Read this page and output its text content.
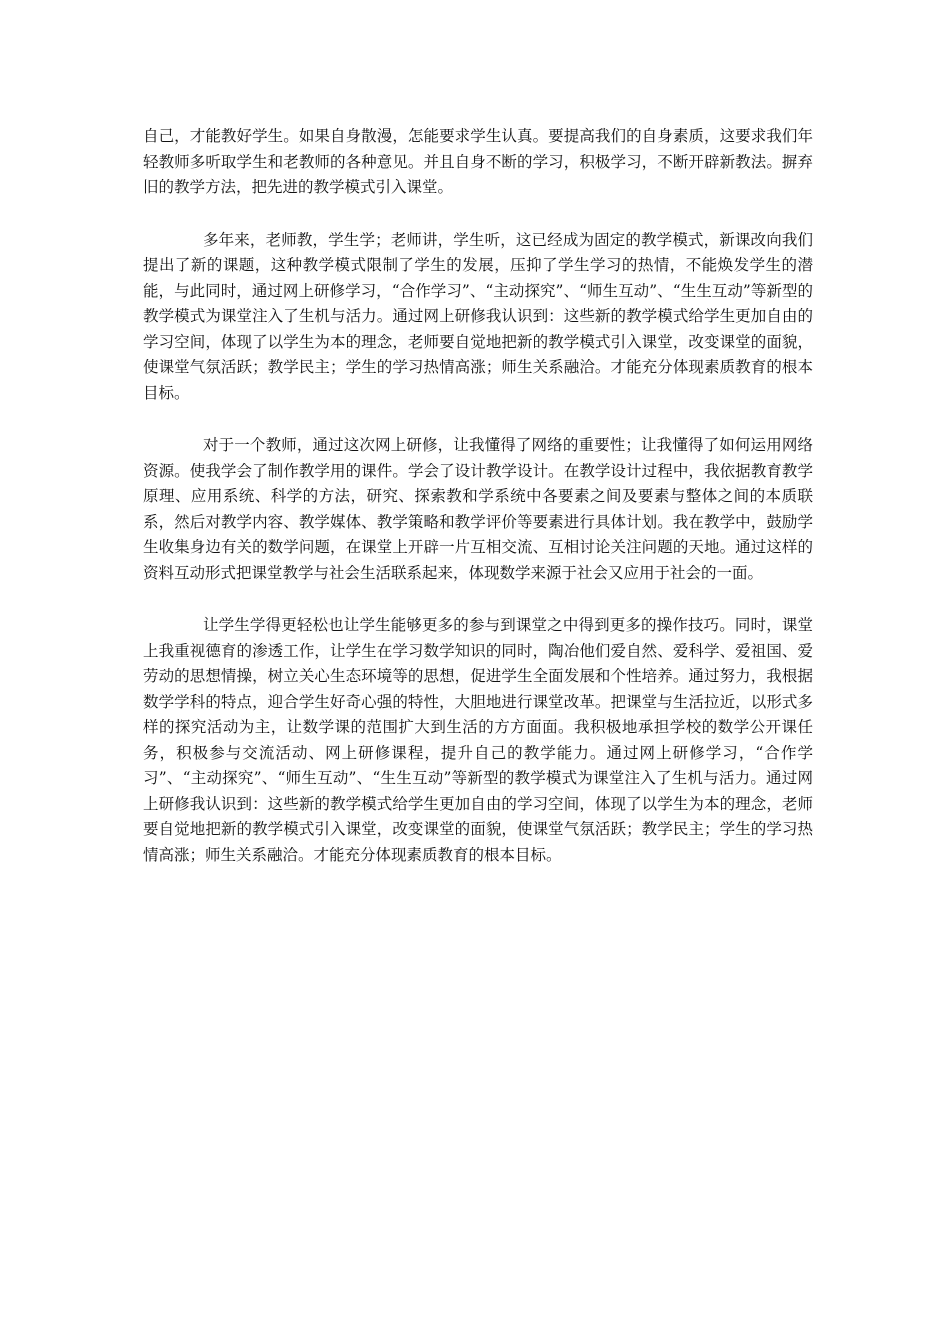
自己，才能教好学生。如果自身散漫，怎能要求学生认真。要提高我们的自身素质，这要求我们年轻教师多听取学生和老教师的各种意见。并且自身不断的学习，积极学习，不断开辟新教法。摒弃旧的教学方法，把先进的教学模式引入课堂。

多年来，老师教，学生学；老师讲，学生听，这已经成为固定的教学模式，新课改向我们提出了新的课题，这种教学模式限制了学生的发展，压抑了学生学习的热情，不能焕发学生的潜能，与此同时，通过网上研修学习，“合作学习”、“主动探究”、“师生互动”、“生生互动”等新型的教学模式为课堂注入了生机与活力。通过网上研修我认识到：这些新的教学模式给学生更加自由的学习空间，体现了以学生为本的理念，老师要自觉地把新的教学模式引入课堂，改变课堂的面貌，使课堂气氛活跃；教学民主；学生的学习热情高涨；师生关系融洽。才能充分体现素质教育的根本目标。

对于一个教师，通过这次网上研修，让我懂得了网络的重要性；让我懂得了如何运用网络资源。使我学会了制作教学用的课件。学会了设计教学设计。在教学设计过程中，我依据教育教学原理、应用系统、科学的方法，研究、探索教和学系统中各要素之间及要素与整体之间的本质联系，然后对教学内容、教学媒体、教学策略和教学评价等要素进行具体计划。我在教学中，鼓励学生收集身边有关的数学问题，在课堂上开辟一片互相交流、互相讨论关注问题的天地。通过这样的资料互动形式把课堂教学与社会生活联系起来，体现数学来源于社会又应用于社会的一面。

让学生学得更轻松也让学生能够更多的参与到课堂之中得到更多的操作技巧。同时，课堂上我重视德育的渗透工作，让学生在学习数学知识的同时，陶冶他们爱自然、爱科学、爱祖国、爱劳动的思想情操，树立关心生态环境等的思想，促进学生全面发展和个性培养。通过努力，我根据数学学科的特点，迎合学生好奇心强的特性，大胆地进行课堂改革。把课堂与生活拉近，以形式多样的探究活动为主，让数学课的范围扩大到生活的方方面面。我积极地承担学校的数学公开课任务，积极参与交流活动、网上研修课程，提升自己的教学能力。通过网上研修学习，“合作学习”、“主动探究”、“师生互动”、“生生互动”等新型的教学模式为课堂注入了生机与活力。通过网上研修我认识到：这些新的教学模式给学生更加自由的学习空间，体现了以学生为本的理念，老师要自觉地把新的教学模式引入课堂，改变课堂的面貌，使课堂气氛活跃；教学民主；学生的学习热情高涨；师生关系融洽。才能充分体现素质教育的根本目标。
